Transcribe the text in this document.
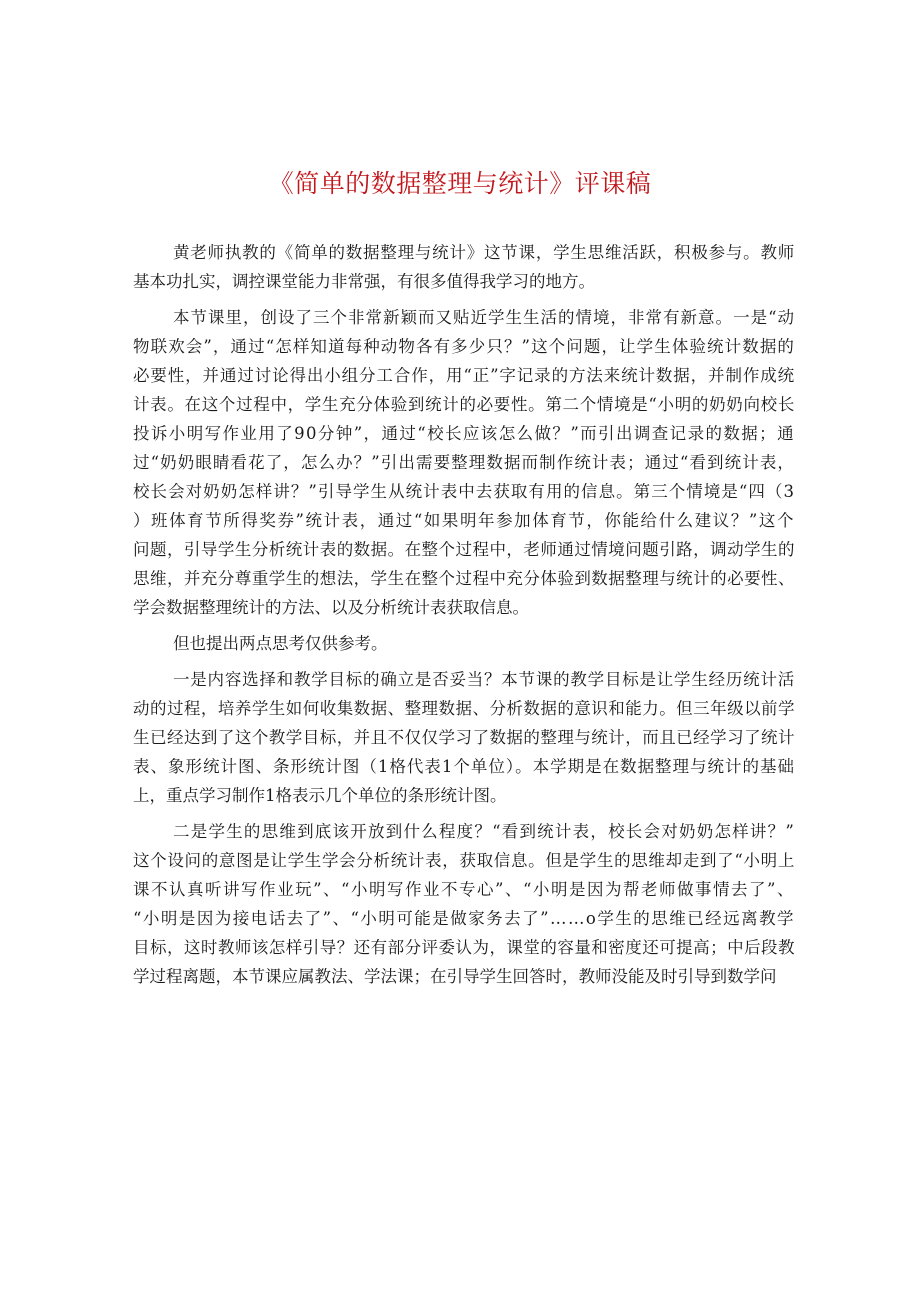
《简单的数据整理与统计》评课稿
黄老师执教的《简单的数据整理与统计》这节课，学生思维活跃，积极参与。教师
基本功扎实，调控课堂能力非常强，有很多值得我学习的地方。
本节课里，创设了三个非常新颖而又贴近学生生活的情境，非常有新意。一是“动
物联欢会”，通过“怎样知道每种动物各有多少只？”这个问题，让学生体验统计数据的
必要性，并通过讨论得出小组分工合作，用“正”字记录的方法来统计数据，并制作成统
计表。在这个过程中，学生充分体验到统计的必要性。第二个情境是“小明的奶奶向校长
投诉小明写作业用了90分钟”，通过“校长应该怎么做？”而引出调查记录的数据；通
过“奶奶眼睛看花了，怎么办？”引出需要整理数据而制作统计表；通过“看到统计表，
校长会对奶奶怎样讲？”引导学生从统计表中去获取有用的信息。第三个情境是“四（3
）班体育节所得奖券”统计表，通过“如果明年参加体育节，你能给什么建议？”这个
问题，引导学生分析统计表的数据。在整个过程中，老师通过情境问题引路，调动学生的
思维，并充分尊重学生的想法，学生在整个过程中充分体验到数据整理与统计的必要性、
学会数据整理统计的方法、以及分析统计表获取信息。
但也提出两点思考仅供参考。
一是内容选择和教学目标的确立是否妥当？本节课的教学目标是让学生经历统计活
动的过程，培养学生如何收集数据、整理数据、分析数据的意识和能力。但三年级以前学
生已经达到了这个教学目标，并且不仅仅学习了数据的整理与统计，而且已经学习了统计
表、象形统计图、条形统计图（1格代表1个单位）。本学期是在数据整理与统计的基础
上，重点学习制作1格表示几个单位的条形统计图。
二是学生的思维到底该开放到什么程度？“看到统计表，校长会对奶奶怎样讲？”
这个设问的意图是让学生学会分析统计表，获取信息。但是学生的思维却走到了“小明上
课不认真听讲写作业玩”、“小明写作业不专心”、“小明是因为帮老师做事情去了”、
“小明是因为接电话去了”、“小明可能是做家务去了”……o学生的思维已经远离教学
目标，这时教师该怎样引导？还有部分评委认为，课堂的容量和密度还可提高；中后段教
学过程离题，本节课应属教法、学法课；在引导学生回答时，教师没能及时引导到数学问
